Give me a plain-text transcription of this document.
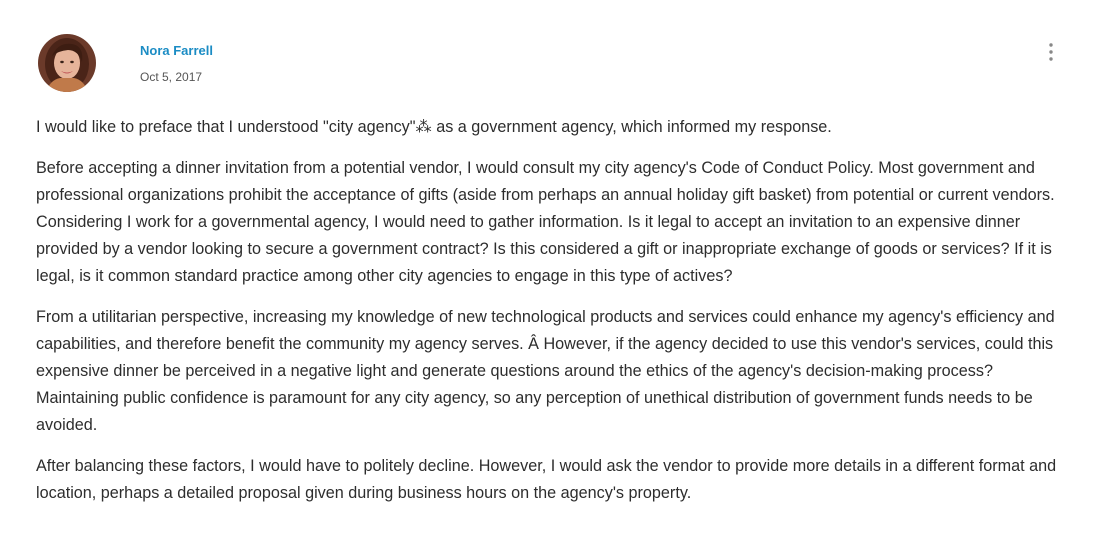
Nora Farrell
Oct 5, 2017

I would like to preface that I understood "city agency"⁂ as a government agency, which informed my response.

Before accepting a dinner invitation from a potential vendor, I would consult my city agency's Code of Conduct Policy. Most government and professional organizations prohibit the acceptance of gifts (aside from perhaps an annual holiday gift basket) from potential or current vendors. Considering I work for a governmental agency, I would need to gather information. Is it legal to accept an invitation to an expensive dinner provided by a vendor looking to secure a government contract? Is this considered a gift or inappropriate exchange of goods or services? If it is legal, is it common standard practice among other city agencies to engage in this type of actives?

From a utilitarian perspective, increasing my knowledge of new technological products and services could enhance my agency's efficiency and capabilities, and therefore benefit the community my agency serves. Â However, if the agency decided to use this vendor's services, could this expensive dinner be perceived in a negative light and generate questions around the ethics of the agency's decision-making process? Maintaining public confidence is paramount for any city agency, so any perception of unethical distribution of government funds needs to be avoided.

After balancing these factors, I would have to politely decline. However, I would ask the vendor to provide more details in a different format and location, perhaps a detailed proposal given during business hours on the agency's property.
